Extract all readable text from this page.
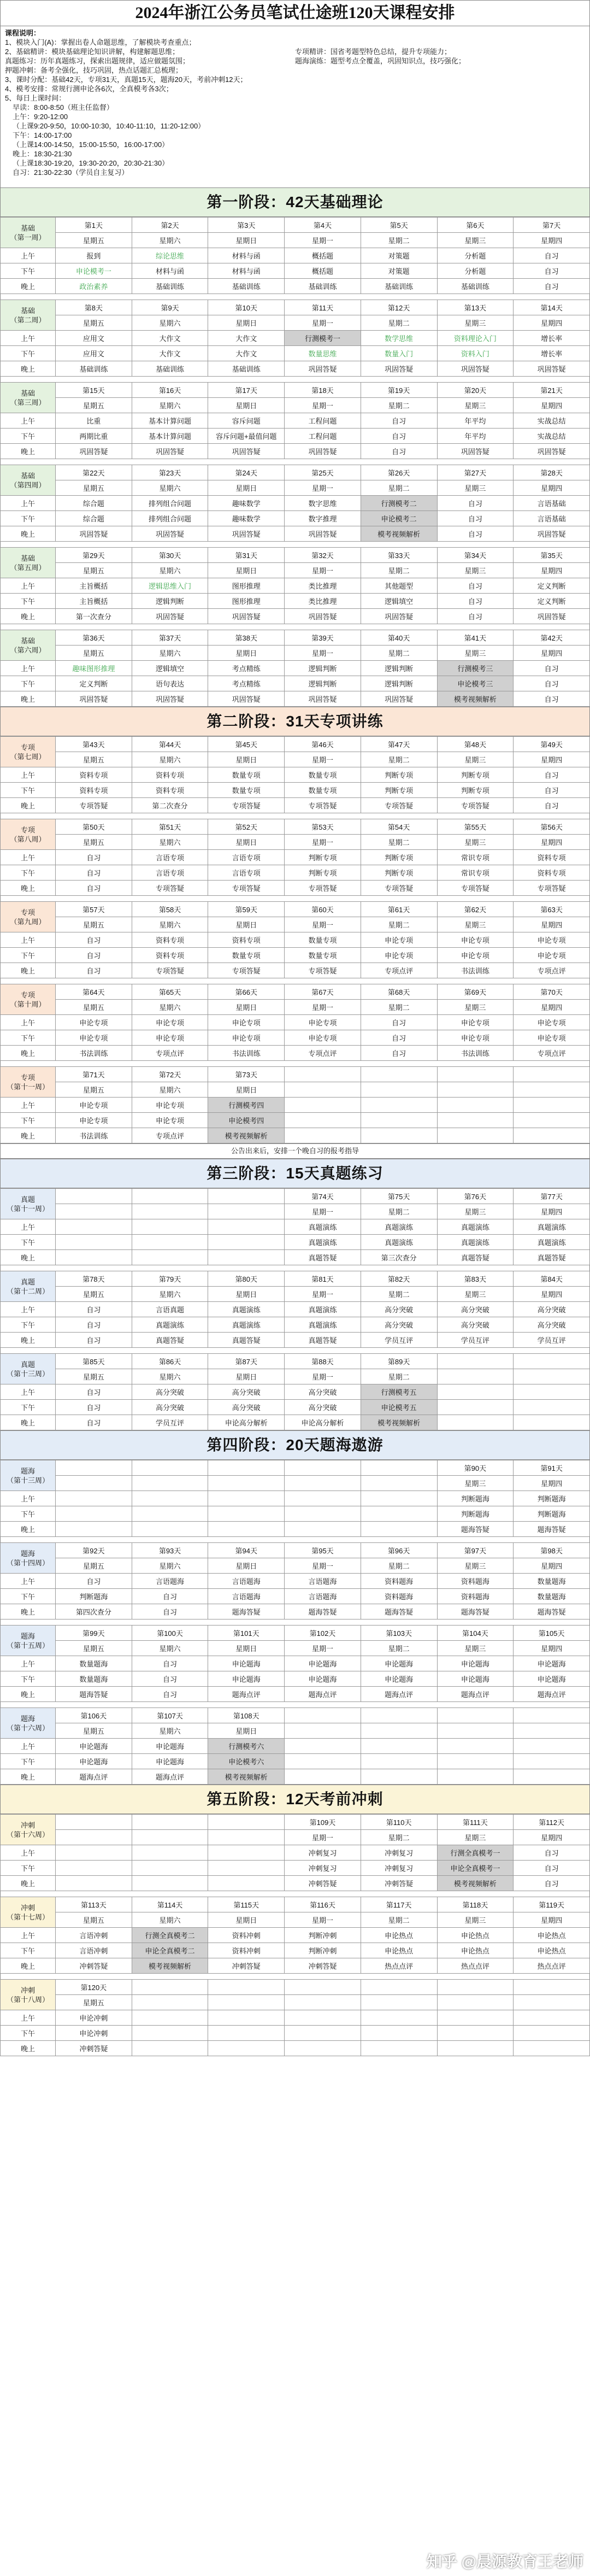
2024年浙江公务员笔试仕途班120天课程安排
课程说明：
1、模块入门(A)：掌握出卷人命题思维，了解模块考查重点；
2、基础精讲：模块基础理论知识讲解，构建解题思维；	专项精讲：国省考题型特色总结，提升专项能力；
真题练习：历年真题练习，探索出题规律，适应做题氛围；	题海演练：题型考点全覆盖，巩固知识点，技巧强化；
押题冲刺：备考全强化，技巧巩固，热点话题汇总梳理；
3、课时分配：基础42天，专项31天，真题15天，题海20天，考前冲刺12天；
4、模考安排：常规行测申论各6次，全真模考各3次；
5、每日上课时间：
早读：8:00-8:50（班主任监督）
上午：9:20-12:00
（上课9:20-9:50，10:00-10:30，10:40-11:10，11:20-12:00）
下午：14:00-17:00
（上课14:00-14:50，15:00-15:50，16:00-17:00）
晚上：18:30-21:30
（上课18:30-19:20，19:30-20:20，20:30-21:30）
自习：21:30-22:30（学员自主复习）
第一阶段：42天基础理论
基础
（第一周）	第1天	第2天	第3天	第4天	第5天	第6天	第7天
	星期五	星期六	星期日	星期一	星期二	星期三	星期四
上午	报到	综论思维	材料与函	概括题	对策题	分析题	自习
下午	申论模考一	材料与函	材料与函	概括题	对策题	分析题	自习
晚上	政治素养	基础训练	基础训练	基础训练	基础训练	基础训练	自习
基础
（第二周）	第8天	第9天	第10天	第11天	第12天	第13天	第14天
	星期五	星期六	星期日	星期一	星期二	星期三	星期四
上午	应用文	大作文	大作文	行测模考一	数学思维	资料理论入门	增长率
下午	应用文	大作文	大作文	数量思维	数量入门	资料入门	增长率
晚上	基础训练	基础训练	基础训练	巩固答疑	巩固答疑	巩固答疑	巩固答疑
基础
（第三周）	第15天	第16天	第17天	第18天	第19天	第20天	第21天
	星期五	星期六	星期日	星期一	星期二	星期三	星期四
上午	比重	基本计算问题	容斥问题	工程问题	自习	年平均	实战总结
下午	两期比重	基本计算问题	容斥问题+最值问题	工程问题	自习	年平均	实战总结
晚上	巩固答疑	巩固答疑	巩固答疑	巩固答疑	自习	巩固答疑	巩固答疑
基础
（第四周）	第22天	第23天	第24天	第25天	第26天	第27天	第28天
	星期五	星期六	星期日	星期一	星期二	星期三	星期四
上午	综合题	排列组合问题	趣味数学	数字思维	行测模考二	自习	言语基础
下午	综合题	排列组合问题	趣味数学	数字推理	申论模考二	自习	言语基础
晚上	巩固答疑	巩固答疑	巩固答疑	巩固答疑	模考视频解析	自习	巩固答疑
基础
（第五周）	第29天	第30天	第31天	第32天	第33天	第34天	第35天
	星期五	星期六	星期日	星期一	星期二	星期三	星期四
上午	主旨概括	逻辑思维入门	图形推理	类比推理	其他题型	自习	定义判断
下午	主旨概括	逻辑判断	图形推理	类比推理	逻辑填空	自习	定义判断
晚上	第一次查分	巩固答疑	巩固答疑	巩固答疑	巩固答疑	自习	巩固答疑
基础
（第六周）	第36天	第37天	第38天	第39天	第40天	第41天	第42天
	星期五	星期六	星期日	星期一	星期二	星期三	星期四
上午	趣味图形推理	逻辑填空	考点精练	逻辑判断	逻辑判断	行测模考三	自习
下午	定义判断	语句表达	考点精练	逻辑判断	逻辑判断	申论模考三	自习
晚上	巩固答疑	巩固答疑	巩固答疑	巩固答疑	巩固答疑	模考视频解析	自习
第二阶段：31天专项讲练
专项
（第七周）	第43天	第44天	第45天	第46天	第47天	第48天	第49天
	星期五	星期六	星期日	星期一	星期二	星期三	星期四
上午	资料专项	资料专项	数量专项	数量专项	判断专项	判断专项	自习
下午	资料专项	资料专项	数量专项	数量专项	判断专项	判断专项	自习
晚上	专项答疑	第二次查分	专项答疑	专项答疑	专项答疑	专项答疑	自习
专项
（第八周）	第50天	第51天	第52天	第53天	第54天	第55天	第56天
	星期五	星期六	星期日	星期一	星期二	星期三	星期四
上午	自习	言语专项	言语专项	判断专项	判断专项	常识专项	资料专项
下午	自习	言语专项	言语专项	判断专项	判断专项	常识专项	资料专项
晚上	自习	专项答疑	专项答疑	专项答疑	专项答疑	专项答疑	专项答疑
专项
（第九周）	第57天	第58天	第59天	第60天	第61天	第62天	第63天
	星期五	星期六	星期日	星期一	星期二	星期三	星期四
上午	自习	资料专项	资料专项	数量专项	申论专项	申论专项	申论专项
下午	自习	资料专项	数量专项	数量专项	申论专项	申论专项	申论专项
晚上	自习	专项答疑	专项答疑	专项答疑	专项点评	书法训练	专项点评
专项
（第十周）	第64天	第65天	第66天	第67天	第68天	第69天	第70天
	星期五	星期六	星期日	星期一	星期二	星期三	星期四
上午	申论专项	申论专项	申论专项	申论专项	自习	申论专项	申论专项
下午	申论专项	申论专项	申论专项	申论专项	自习	申论专项	申论专项
晚上	书法训练	专项点评	书法训练	专项点评	自习	书法训练	专项点评
专项
（第十一周）	第71天	第72天	第73天				
	星期五	星期六	星期日				
上午	申论专项	申论专项	行测模考四				
下午	申论专项	申论专项	申论模考四				
晚上	书法训练	专项点评	模考视频解析				
公告出来后，安排一个晚自习的报考指导
第三阶段：15天真题练习
真题
（第十一周）				第74天	第75天	第76天	第77天
				星期一	星期二	星期三	星期四
上午				真题演练	真题演练	真题演练	真题演练
下午				真题演练	真题演练	真题演练	真题演练
晚上				真题答疑	第三次查分	真题答疑	真题答疑
真题
（第十二周）	第78天	第79天	第80天	第81天	第82天	第83天	第84天
	星期五	星期六	星期日	星期一	星期二	星期三	星期四
上午	自习	言语真题	真题演练	真题演练	高分突破	高分突破	高分突破
下午	自习	真题演练	真题演练	真题演练	高分突破	高分突破	高分突破
晚上	自习	真题答疑	真题答疑	真题答疑	学员互评	学员互评	学员互评
真题
（第十三周）	第85天	第86天	第87天	第88天	第89天		
	星期五	星期六	星期日	星期一	星期二		
上午	自习	高分突破	高分突破	高分突破	行测模考五		
下午	自习	高分突破	高分突破	高分突破	申论模考五		
晚上	自习	学员互评	申论高分解析	申论高分解析	模考视频解析		
第四阶段：20天题海遨游
题海
（第十三周）						第90天	第91天
						星期三	星期四
上午						判断题海	判断题海
下午						判断题海	判断题海
晚上						题海答疑	题海答疑
题海
（第十四周）	第92天	第93天	第94天	第95天	第96天	第97天	第98天
	星期五	星期六	星期日	星期一	星期二	星期三	星期四
上午	自习	言语题海	言语题海	言语题海	资料题海	资料题海	数量题海
下午	判断题海	自习	言语题海	言语题海	资料题海	资料题海	数量题海
晚上	第四次查分	自习	题海答疑	题海答疑	题海答疑	题海答疑	题海答疑
题海
（第十五周）	第99天	第100天	第101天	第102天	第103天	第104天	第105天
	星期五	星期六	星期日	星期一	星期二	星期三	星期四
上午	数量题海	自习	申论题海	申论题海	申论题海	申论题海	申论题海
下午	数量题海	自习	申论题海	申论题海	申论题海	申论题海	申论题海
晚上	题海答疑	自习	题海点评	题海点评	题海点评	题海点评	题海点评
题海
（第十六周）	第106天	第107天	第108天				
	星期五	星期六	星期日				
上午	申论题海	申论题海	行测模考六				
下午	申论题海	申论题海	申论模考六				
晚上	题海点评	题海点评	模考视频解析				
第五阶段：12天考前冲刺
冲刺
（第十六周）				第109天	第110天	第111天	第112天
				星期一	星期二	星期三	星期四
上午				冲刺复习	冲刺复习	行测全真模考一	自习
下午				冲刺复习	冲刺复习	申论全真模考一	自习
晚上				冲刺答疑	冲刺答疑	模考视频解析	自习
冲刺
（第十七周）	第113天	第114天	第115天	第116天	第117天	第118天	第119天
	星期五	星期六	星期日	星期一	星期二	星期三	星期四
上午	言语冲刺	行测全真模考二	资料冲刺	判断冲刺	申论热点	申论热点	申论热点
下午	言语冲刺	申论全真模考二	资料冲刺	判断冲刺	申论热点	申论热点	申论热点
晚上	冲刺答疑	模考视频解析	冲刺答疑	冲刺答疑	热点点评	热点点评	热点点评
冲刺
（第十八周）	第120天						
	星期五						
上午	申论冲刺						
下午	申论冲刺						
晚上	冲刺答疑						
知乎 @晨源教育王老师
